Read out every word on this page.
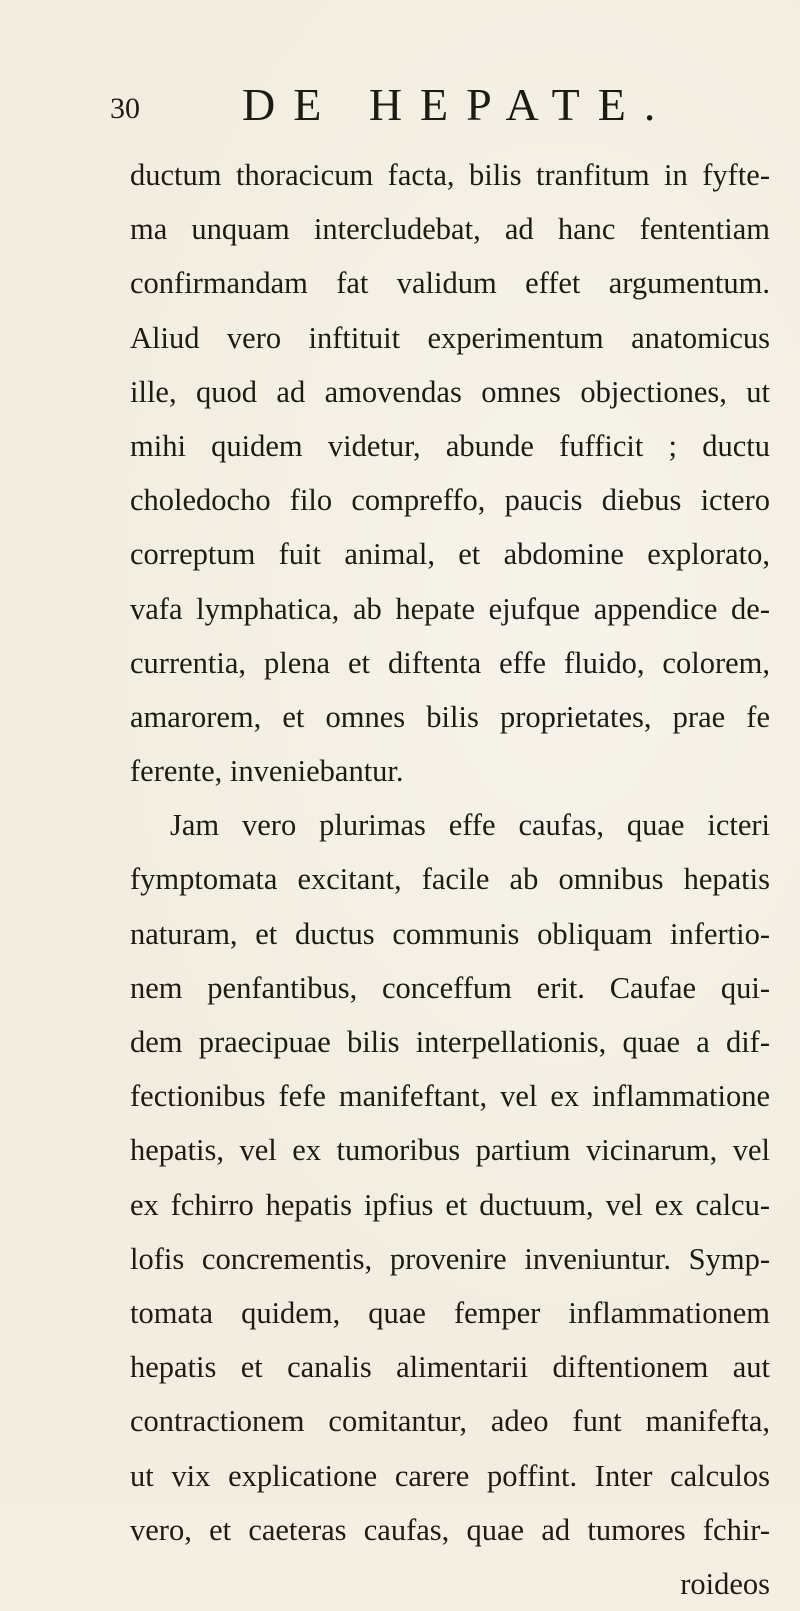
30 DE HEPATE.
ductum thoracicum facta, bilis tranfitum in fyfte-
ma unquam intercludebat, ad hanc fententiam
confirmandam fat validum effet argumentum.
Aliud vero inftituit experimentum anatomicus
ille, quod ad amovendas omnes objectiones, ut
mihi quidem videtur, abunde fufficit ; ductu
choledocho filo compreffo, paucis diebus ictero
correptum fuit animal, et abdomine explorato,
vafa lymphatica, ab hepate ejufque appendice de-
currentia, plena et diftenta effe fluido, colorem,
amarorem, et omnes bilis proprietates, prae fe
ferente, inveniebantur.
Jam vero plurimas effe caufas, quae icteri
fymptomata excitant, facile ab omnibus hepatis
naturam, et ductus communis obliquam infertio-
nem penfantibus, conceffum erit. Caufae qui-
dem praecipuae bilis interpellationis, quae a dif-
fectionibus fefe manifeftant, vel ex inflammatione
hepatis, vel ex tumoribus partium vicinarum, vel
ex fchirro hepatis ipfius et ductuum, vel ex calcu-
lofis concrementis, provenire inveniuntur. Symp-
tomata quidem, quae femper inflammationem
hepatis et canalis alimentarii diftentionem aut
contractionem comitantur, adeo funt manifefta,
ut vix explicatione carere poffint. Inter calculos
vero, et caeteras caufas, quae ad tumores fchir-
roideos
